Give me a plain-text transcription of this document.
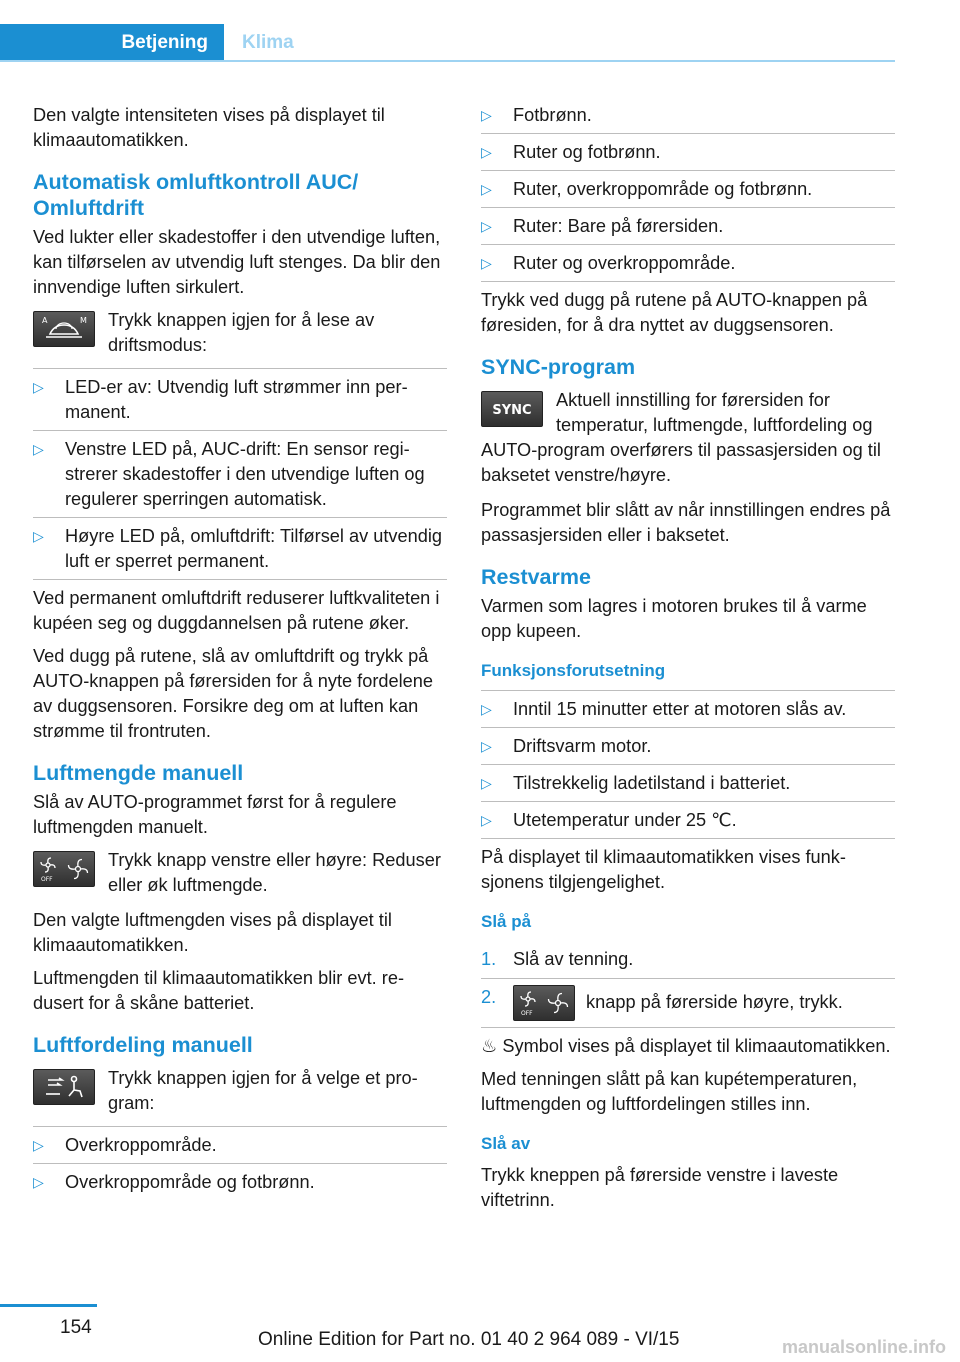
Betjening	Klima

Den valgte intensiteten vises på displayet til klimaautomatikken.

Automatisk omluftkontroll AUC/ Omluftdrift

Ved lukter eller skadestoffer i den utvendige luften, kan tilførselen av utvendig luft stenges. Da blir den innvendige luften sirkulert.

A	M Trykk knappen igjen for å lese av driftsmodus:
▷ LED-er av: Utvendig luft strømmer inn permanent.
▷ Venstre LED på, AUC-drift: En sensor registrerer skadestoffer i den utvendige luften og regulerer sperringen automatisk.
▷ Høyre LED på, omluftdrift: Tilførsel av utvendig luft er sperret permanent.

Ved permanent omluftdrift reduserer luftkvaliteten i kupéen seg og duggdannelsen på rutene øker.

Ved dugg på rutene, slå av omluftdrift og trykk på AUTO-knappen på førersiden for å nyte fordelene av duggsensoren. Forsikre deg om at luften kan strømme til frontruten.

Luftmengde manuell

Slå av AUTO-programmet først for å regulere luftmengden manuelt.

OFF
Trykk knapp venstre eller høyre: Reduser eller øk luftmengde.

Den valgte luftmengden vises på displayet til klimaautomatikken.

Luftmengden til klimaautomatikken blir evt. redusert for å skåne batteriet.

Luftfordeling manuell
Trykk knappen igjen for å velge et program:
▷ Overkroppområde.
▷ Overkroppområde og fotbrønn.
▷ Fotbrønn.
▷ Ruter og fotbrønn.
▷ Ruter, overkroppområde og fotbrønn.
▷ Ruter: Bare på førersiden.
▷ Ruter og overkroppområde.

Trykk ved dugg på rutene på AUTO-knappen på føresiden, for å dra nyttet av duggsensoren.

SYNC-program
SYNC
Aktuell innstilling for førersiden for temperatur, luftmengde, luftfordeling og AUTO-program overførers til passasjersiden og til baksetet venstre/høyre.

Programmet blir slått av når innstillingen endres på passasjersiden eller i baksetet.

Restvarme

Varmen som lagres i motoren brukes til å varme opp kupeen.

Funksjonsforutsetning
▷ Inntil 15 minutter etter at motoren slås av.
▷ Driftsvarm motor.
▷ Tilstrekkelig ladetilstand i batteriet.
▷ Utetemperatur under 25 ℃.

På displayet til klimaautomatikken vises funksjonens tilgjengelighet.

Slå på
1. Slå av tenning.
2.
OFF
knapp på førerside høyre, trykk.

♨ Symbol vises på displayet til klimaautomatikken.

Med tenningen slått på kan kupétemperaturen, luftmengden og luftfordelingen stilles inn.

Slå av

Trykk kneppen på førerside venstre i laveste viftetrinn.

154
Online Edition for Part no. 01 40 2 964 089 - VI/15	manualsonline.info
